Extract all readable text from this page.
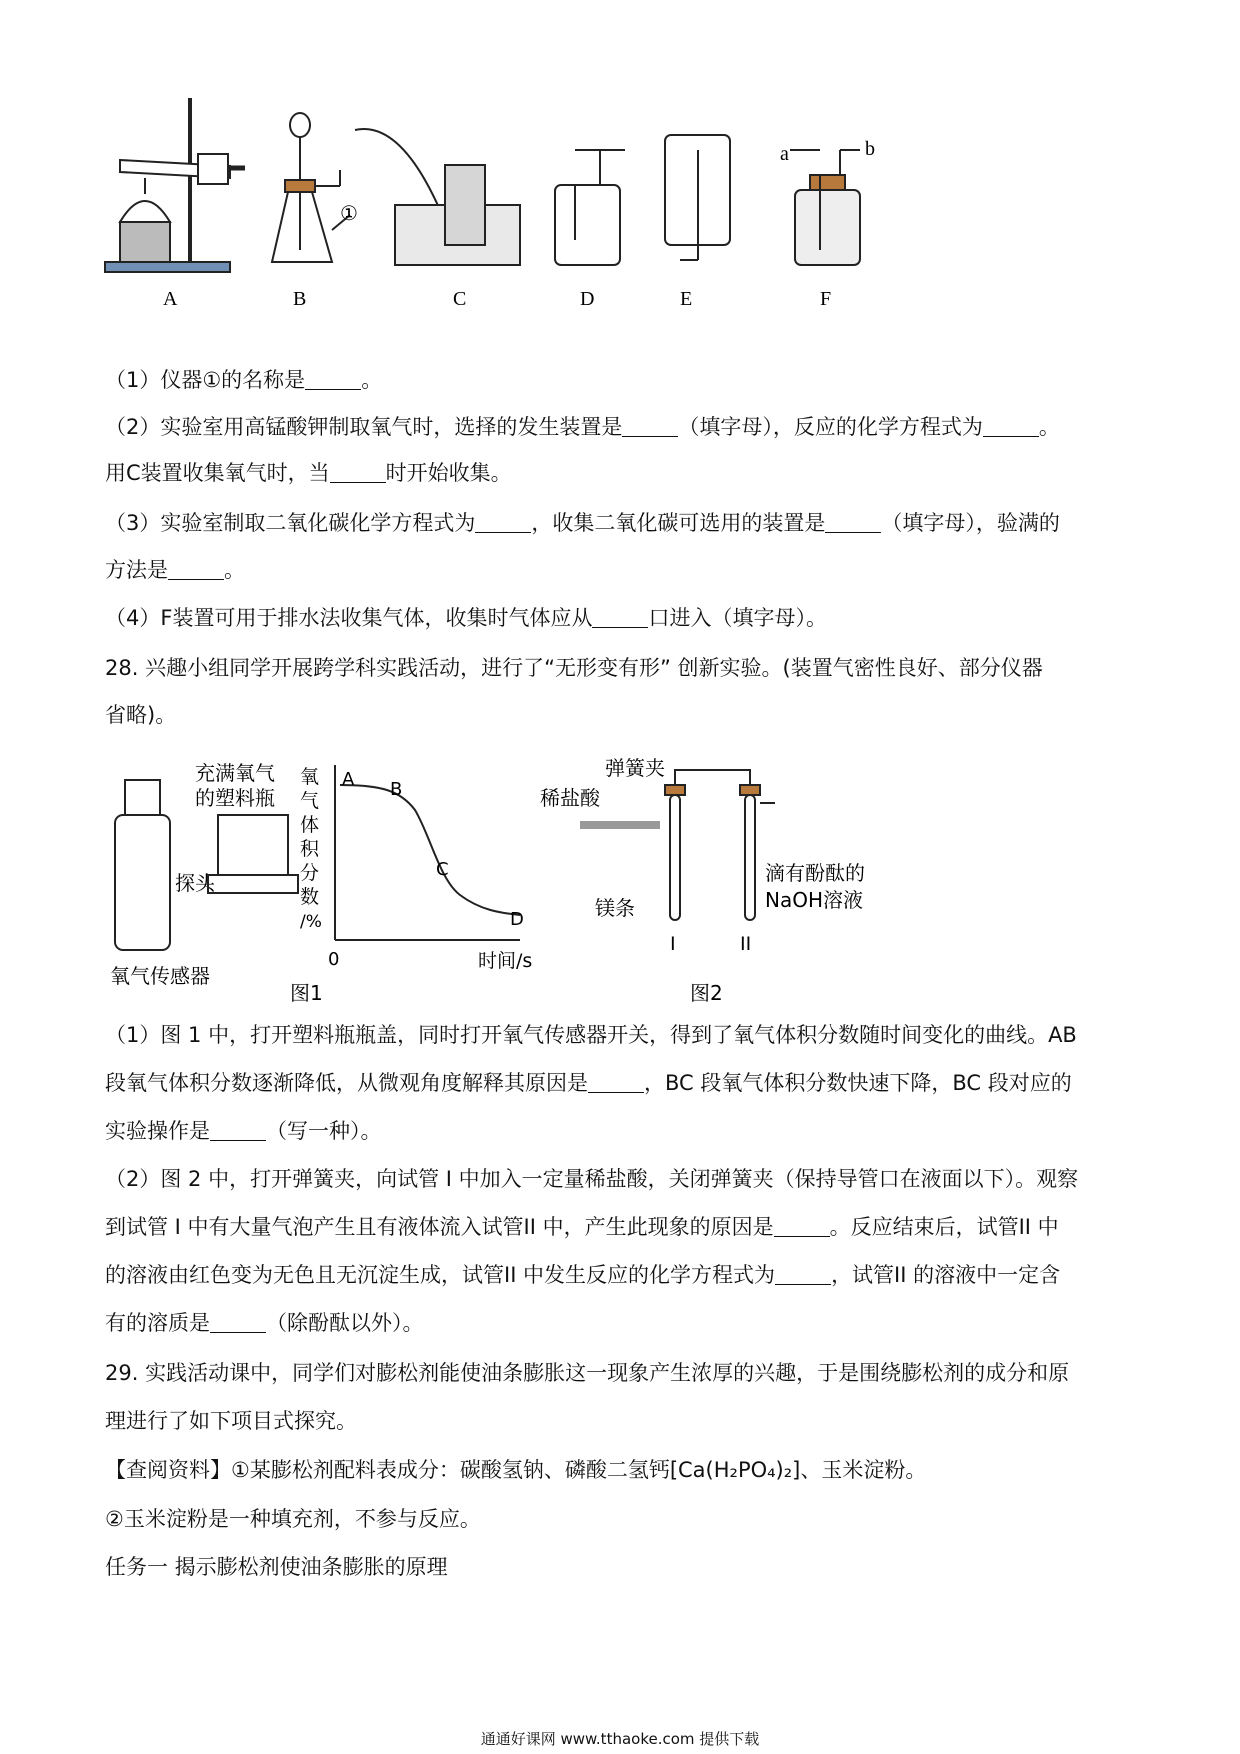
①
a	b
A	B	C	D	E	F
（1）仪器①的名称是	。
（2）实验室用高锰酸钾制取氧气时，选择的发生装置是	（填字母），反应的化学方程式为	。
用C装置收集氧气时，当	时开始收集。
（3）实验室制取二氧化碳化学方程式为	，收集二氧化碳可选用的装置是	（填字母），验满的
方法是	。
（4）F装置可用于排水法收集气体，收集时气体应从	口进入（填字母）。
28. 兴趣小组同学开展跨学科实践活动，进行了“无形变有形” 创新实验。(装置气密性良好、部分仪器
省略)。
充满氧气
的塑料瓶
探头
氧气传感器
氧
气
体
积
分
数
/%
0	时间/s
A B
C
D
图1
弹簧夹
稀盐酸
镁条
滴有酚酞的
NaOH溶液
I	II
图2
（1）图 1 中，打开塑料瓶瓶盖，同时打开氧气传感器开关，得到了氧气体积分数随时间变化的曲线。AB
段氧气体积分数逐渐降低，从微观角度解释其原因是	，BC 段氧气体积分数快速下降，BC 段对应的
实验操作是	（写一种）。
（2）图 2 中，打开弹簧夹，向试管 I 中加入一定量稀盐酸，关闭弹簧夹（保持导管口在液面以下）。观察
到试管 I 中有大量气泡产生且有液体流入试管II 中，产生此现象的原因是	。反应结束后，试管II 中
的溶液由红色变为无色且无沉淀生成，试管II 中发生反应的化学方程式为	，试管II 的溶液中一定含
有的溶质是	（除酚酞以外）。
29. 实践活动课中，同学们对膨松剂能使油条膨胀这一现象产生浓厚的兴趣，于是围绕膨松剂的成分和原
理进行了如下项目式探究。
【查阅资料】①某膨松剂配料表成分：碳酸氢钠、磷酸二氢钙[Ca(H₂PO₄)₂]、玉米淀粉。
②玉米淀粉是一种填充剂，不参与反应。
任务一 揭示膨松剂使油条膨胀的原理
通通好课网 www.tthaoke.com 提供下载
